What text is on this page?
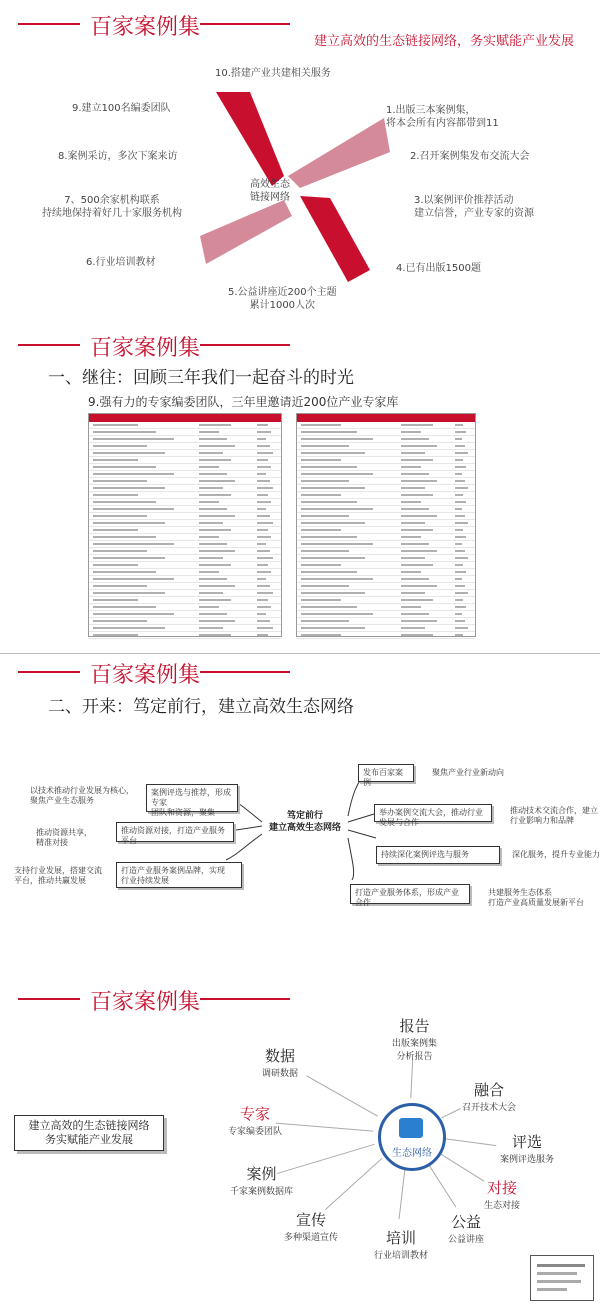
百家案例集
建立高效的生态链接网络，务实赋能产业发展
高效生态
链接网络
10.搭建产业共建相关服务
1.出版三本案例集，
将本会所有内容都带到11
2.召开案例集发布交流大会
3.以案例评价推荐活动
建立信誉，产业专家的资源
4.已有出版1500题
5.公益讲座近200个主题
累计1000人次
6.行业培训教材
7、500余家机构联系
持续地保持着好几十家服务机构
8.案例采访，多次下案来访
9.建立100名编委团队
百家案例集
一、继往：回顾三年我们一起奋斗的时光
9.强有力的专家编委团队，三年里邀请近200位产业专家库
百家案例集
二、开来：笃定前行，建立高效生态网络
笃定前行
建立高效生态网络
以技术推动行业发展为核心，
聚焦产业生态服务
推动资源共享，
精准对接
支持行业发展，搭建交流
平台，推动共赢发展
案例评选与推荐，形成专家
团队和资源，聚集
推动资源对接，打造产业服务平台
打造产业服务案例品牌，实现
行业持续发展
发布百家案例
举办案例交流大会，推动行业发展与合作
持续深化案例评选与服务
打造产业服务体系，形成产业合作
聚焦产业行业新动向
推动技术交流合作，建立
行业影响力和品牌
深化服务，提升专业能力
共建服务生态体系
打造产业高质量发展新平台
百家案例集
建立高效的生态链接网络
务实赋能产业发展
生态网络
报告
出版案例集
分析报告
融合
召开技术大会
评选
案例评选服务
对接
生态对接
公益
公益讲座
培训
行业培训教材
宣传
多种渠道宣传
案例
千家案例数据库
专家
专家编委团队
数据
调研数据
